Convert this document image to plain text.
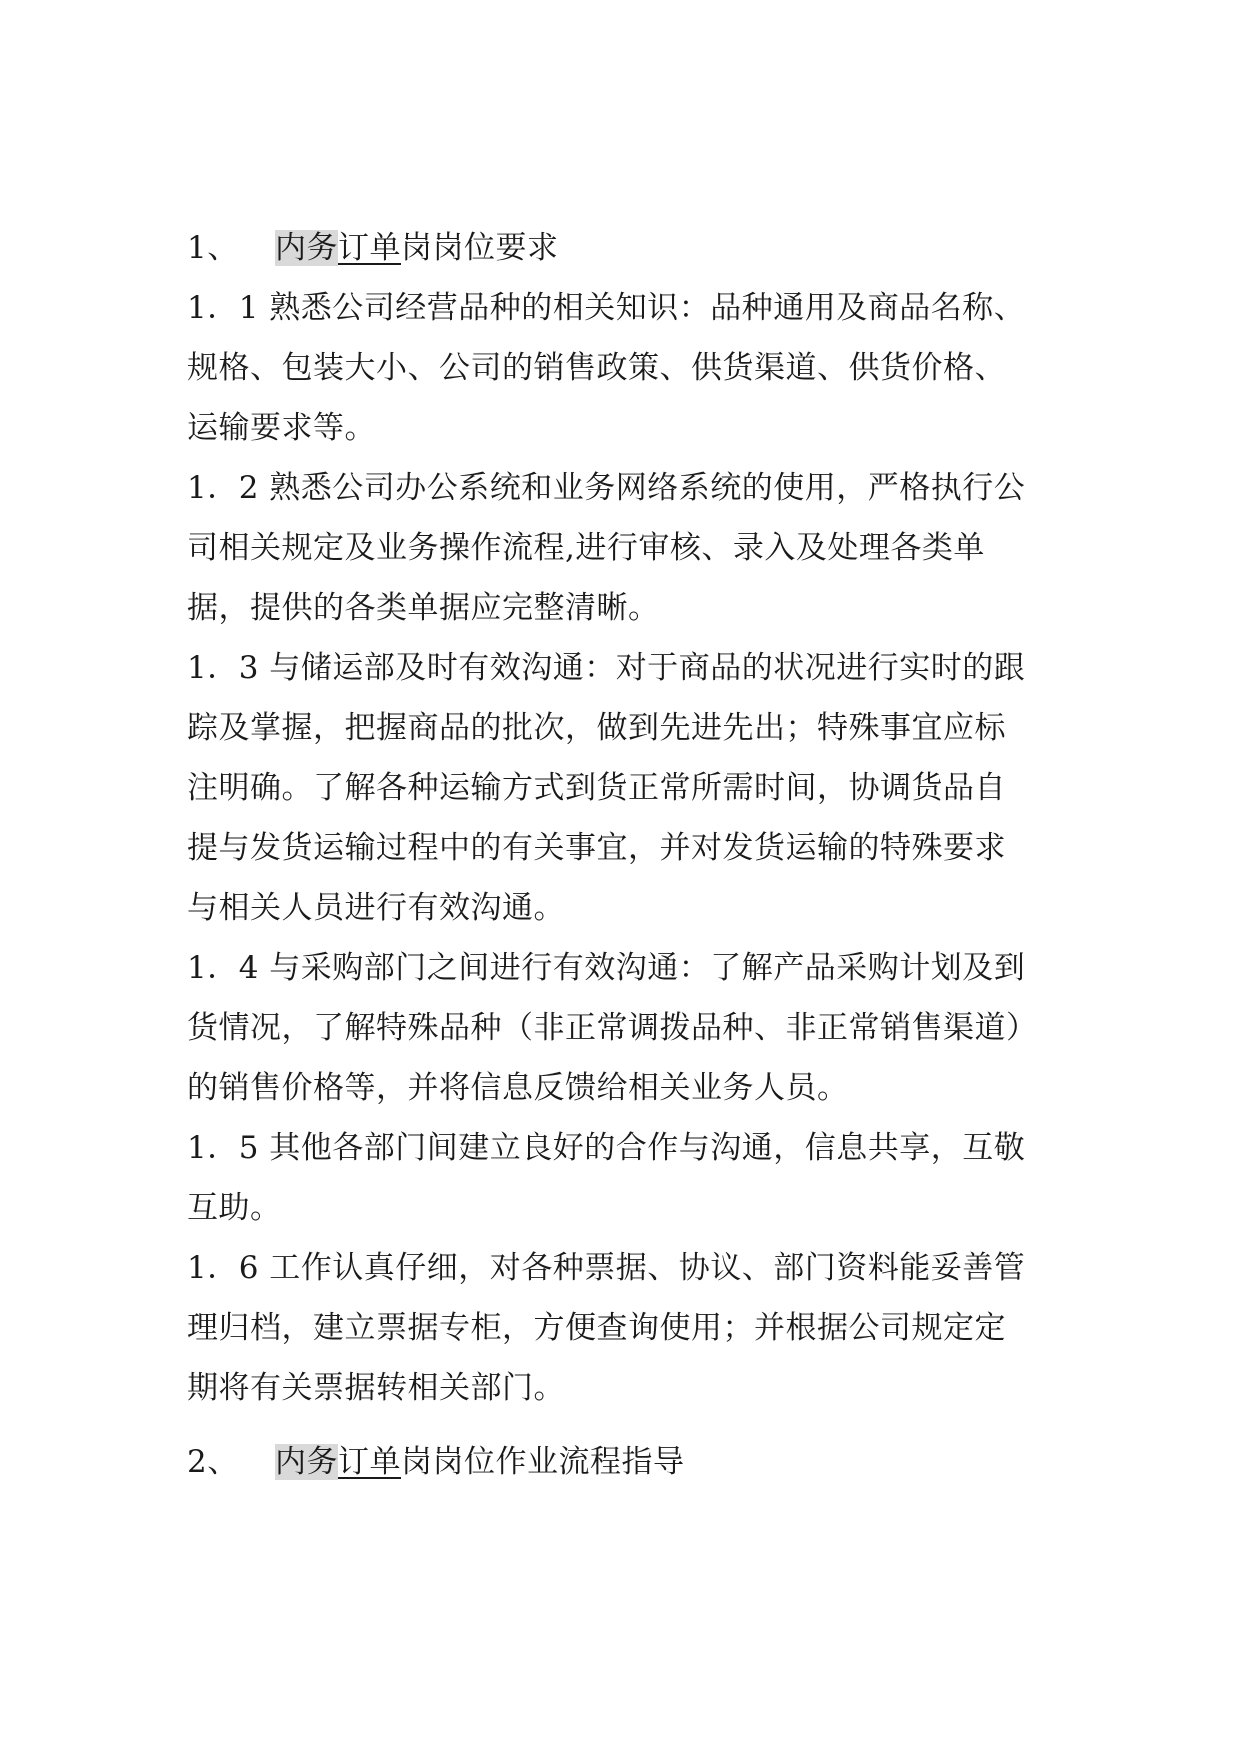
1、 内务订单岗岗位要求
1．1 熟悉公司经营品种的相关知识：品种通用及商品名称、
规格、包装大小、公司的销售政策、供货渠道、供货价格、
运输要求等。
1．2 熟悉公司办公系统和业务网络系统的使用，严格执行公
司相关规定及业务操作流程,进行审核、录入及处理各类单
据，提供的各类单据应完整清晰。
1．3 与储运部及时有效沟通：对于商品的状况进行实时的跟
踪及掌握，把握商品的批次，做到先进先出；特殊事宜应标
注明确。了解各种运输方式到货正常所需时间，协调货品自
提与发货运输过程中的有关事宜，并对发货运输的特殊要求
与相关人员进行有效沟通。
1．4 与采购部门之间进行有效沟通：了解产品采购计划及到
货情况，了解特殊品种（非正常调拨品种、非正常销售渠道）
的销售价格等，并将信息反馈给相关业务人员。
1．5 其他各部门间建立良好的合作与沟通，信息共享，互敬
互助。
1．6 工作认真仔细，对各种票据、协议、部门资料能妥善管
理归档，建立票据专柜，方便查询使用；并根据公司规定定
期将有关票据转相关部门。
2、 内务订单岗岗位作业流程指导
